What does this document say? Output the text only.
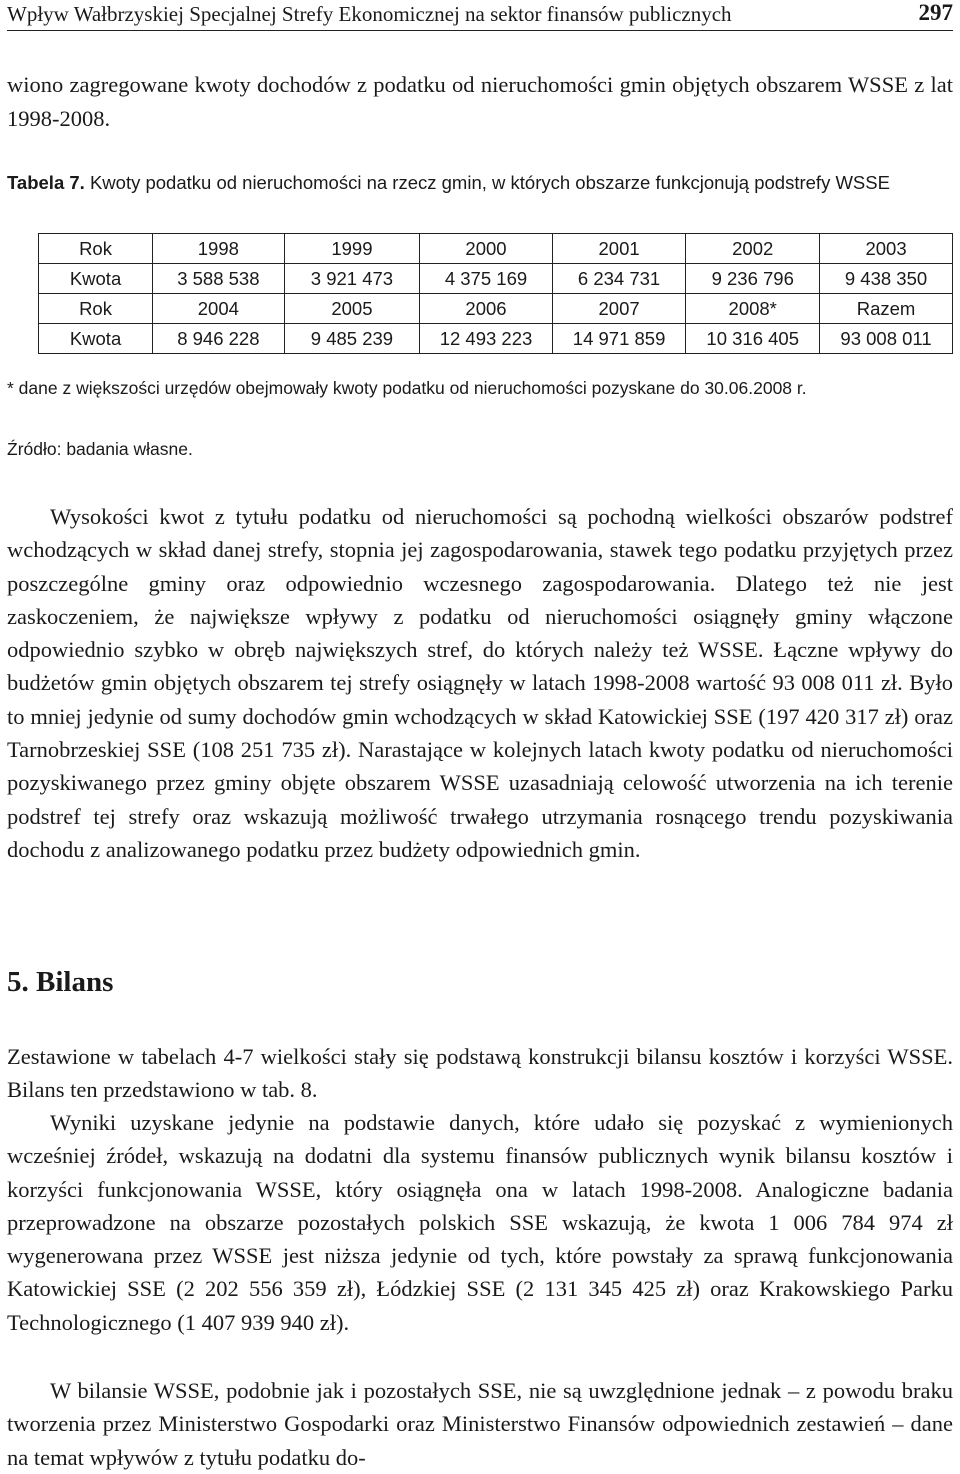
Wpływ Wałbrzyskiej Specjalnej Strefy Ekonomicznej na sektor finansów publicznych	297
wiono zagregowane kwoty dochodów z podatku od nieruchomości gmin objętych obszarem WSSE z lat 1998-2008.
Tabela 7. Kwoty podatku od nieruchomości na rzecz gmin, w których obszarze funkcjonują podstrefy WSSE
Rok	1998	1999	2000	2001	2002	2003
Kwota	3 588 538	3 921 473	4 375 169	6 234 731	9 236 796	9 438 350
Rok	2004	2005	2006	2007	2008*	Razem
Kwota	8 946 228	9 485 239	12 493 223	14 971 859	10 316 405	93 008 011
* dane z większości urzędów obejmowały kwoty podatku od nieruchomości pozyskane do 30.06.2008 r.
Źródło: badania własne.
Wysokości kwot z tytułu podatku od nieruchomości są pochodną wielkości obszarów podstref wchodzących w skład danej strefy, stopnia jej zagospodarowania, stawek tego podatku przyjętych przez poszczególne gminy oraz odpowiednio wczesnego zagospodarowania. Dlatego też nie jest zaskoczeniem, że największe wpływy z podatku od nieruchomości osiągnęły gminy włączone odpowiednio szybko w obręb największych stref, do których należy też WSSE. Łączne wpływy do budżetów gmin objętych obszarem tej strefy osiągnęły w latach 1998-2008 wartość 93 008 011 zł. Było to mniej jedynie od sumy dochodów gmin wchodzących w skład Katowickiej SSE (197 420 317 zł) oraz Tarnobrzeskiej SSE (108 251 735 zł). Narastające w kolejnych latach kwoty podatku od nieruchomości pozyskiwanego przez gminy objęte obszarem WSSE uzasadniają celowość utworzenia na ich terenie podstref tej strefy oraz wskazują możliwość trwałego utrzymania rosnącego trendu pozyskiwania dochodu z analizowanego podatku przez budżety odpowiednich gmin.
5. Bilans
Zestawione w tabelach 4-7 wielkości stały się podstawą konstrukcji bilansu kosztów i korzyści WSSE. Bilans ten przedstawiono w tab. 8.
Wyniki uzyskane jedynie na podstawie danych, które udało się pozyskać z wymienionych wcześniej źródeł, wskazują na dodatni dla systemu finansów publicznych wynik bilansu kosztów i korzyści funkcjonowania WSSE, który osiągnęła ona w latach 1998-2008. Analogiczne badania przeprowadzone na obszarze pozostałych polskich SSE wskazują, że kwota 1 006 784 974 zł wygenerowana przez WSSE jest niższa jedynie od tych, które powstały za sprawą funkcjonowania Katowickiej SSE (2 202 556 359 zł), Łódzkiej SSE (2 131 345 425 zł) oraz Krakowskiego Parku Technologicznego (1 407 939 940 zł).
W bilansie WSSE, podobnie jak i pozostałych SSE, nie są uwzględnione jednak – z powodu braku tworzenia przez Ministerstwo Gospodarki oraz Ministerstwo Finansów odpowiednich zestawień – dane na temat wpływów z tytułu podatku do-
